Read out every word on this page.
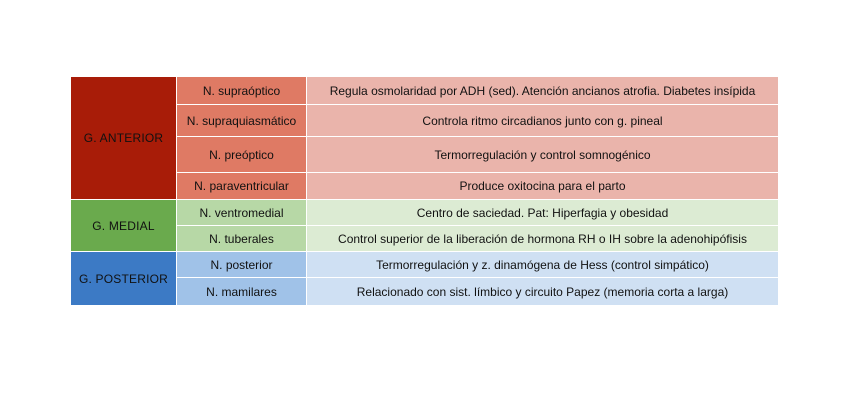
G. ANTERIOR	N. supraóptico	Regula osmolaridad por ADH (sed). Atención ancianos atrofia. Diabetes insípida
	N. supraquiasmático	Controla ritmo circadianos junto con g. pineal
	N. preóptico	Termorregulación y control somnogénico
	N. paraventricular	Produce oxitocina para el parto
G. MEDIAL	N. ventromedial	Centro de saciedad. Pat: Hiperfagia y obesidad
	N. tuberales	Control superior de la liberación de hormona RH o IH sobre la adenohipófisis
G. POSTERIOR	N. posterior	Termorregulación y z. dinamógena de Hess (control simpático)
	N. mamilares	Relacionado con sist. límbico y circuito Papez (memoria corta a larga)
